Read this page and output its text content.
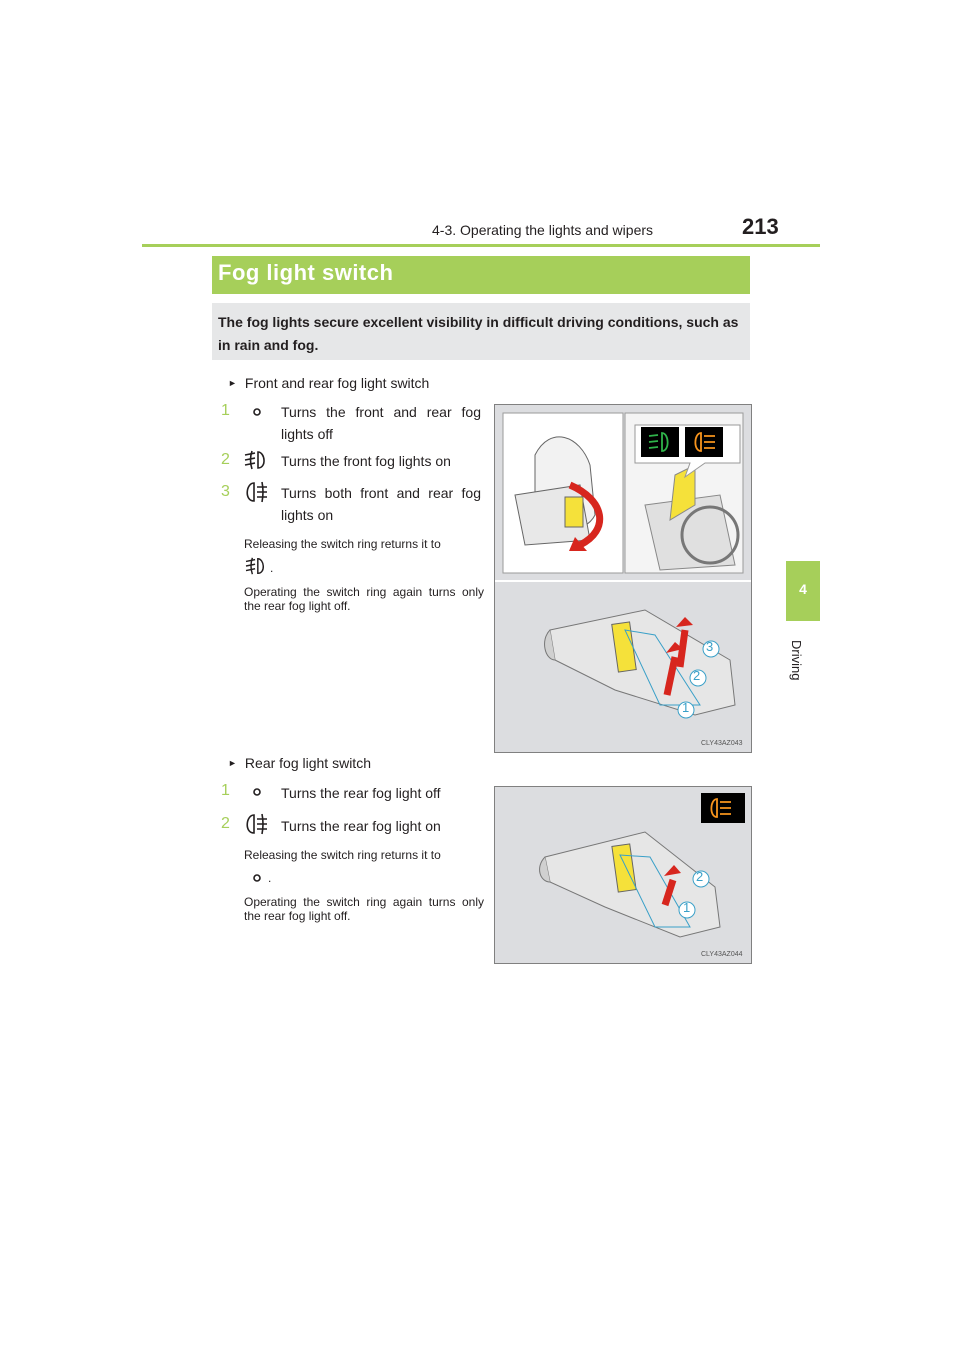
4-3. Operating the lights and wipers	213
4
Driving
Fog light switch
The fog lights secure excellent visibility in difficult driving conditions, such as in rain and fog.
► Front and rear fog light switch
1	Turns the front and rear fog lights off
2	Turns the front fog lights on
3	Turns both front and rear fog lights on
Releasing the switch ring returns it to
.
Operating the switch ring again turns only the rear fog light off.
3
2
1
CLY43AZ043
► Rear fog light switch
1	Turns the rear fog light off
2	Turns the rear fog light on
Releasing the switch ring returns it to
.
Operating the switch ring again turns only the rear fog light off.
2
1
CLY43AZ044
